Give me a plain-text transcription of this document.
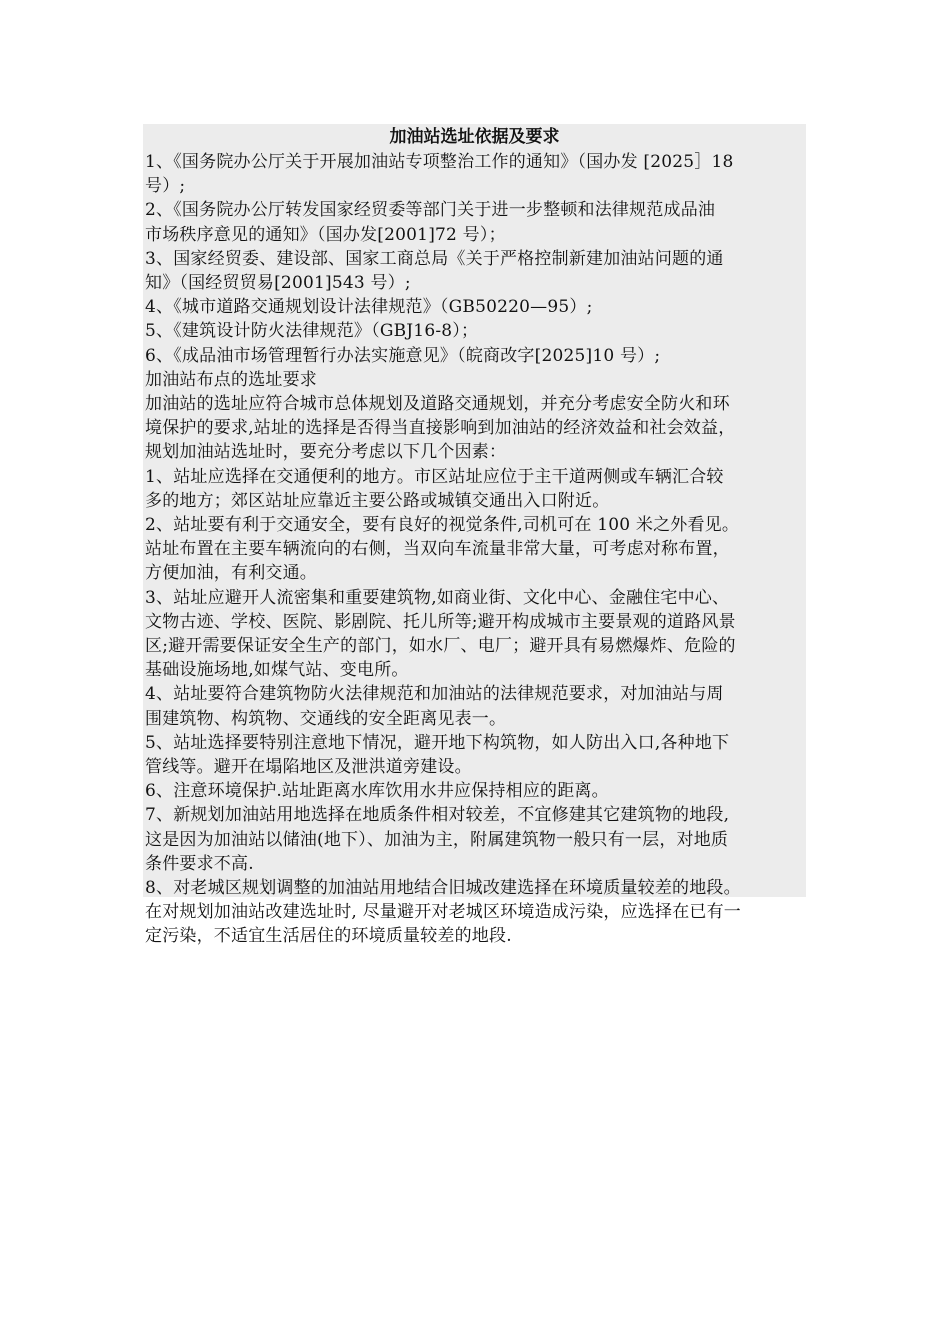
加油站选址依据及要求
1、《国务院办公厅关于开展加油站专项整治工作的通知》（国办发 [2025］18
号）;
2、《国务院办公厅转发国家经贸委等部门关于进一步整顿和法律规范成品油
市场秩序意见的通知》（国办发[2001]72 号）；
3、国家经贸委、建设部、国家工商总局《关于严格控制新建加油站问题的通
知》（国经贸贸易[2001]543 号）;
4、《城市道路交通规划设计法律规范》（GB50220—95）;
5、《建筑设计防火法律规范》（GBJ16-8）；
6、《成品油市场管理暂行办法实施意见》（皖商改字[2025]10 号）;
加油站布点的选址要求
加油站的选址应符合城市总体规划及道路交通规划，并充分考虑安全防火和环
境保护的要求,站址的选择是否得当直接影响到加油站的经济效益和社会效益，
规划加油站选址时，要充分考虑以下几个因素：
1、站址应选择在交通便利的地方。市区站址应位于主干道两侧或车辆汇合较
多的地方；郊区站址应靠近主要公路或城镇交通出入口附近。
2、站址要有利于交通安全，要有良好的视觉条件,司机可在 100 米之外看见。
站址布置在主要车辆流向的右侧，当双向车流量非常大量，可考虑对称布置，
方便加油，有利交通。
3、站址应避开人流密集和重要建筑物,如商业街、文化中心、金融住宅中心、
文物古迹、学校、医院、影剧院、托儿所等;避开构成城市主要景观的道路风景
区;避开需要保证安全生产的部门，如水厂、电厂；避开具有易燃爆炸、危险的
基础设施场地,如煤气站、变电所。
4、站址要符合建筑物防火法律规范和加油站的法律规范要求，对加油站与周
围建筑物、构筑物、交通线的安全距离见表一。
5、站址选择要特别注意地下情况，避开地下构筑物，如人防出入口,各种地下
管线等。避开在塌陷地区及泄洪道旁建设。
6、注意环境保护.站址距离水库饮用水井应保持相应的距离。
7、新规划加油站用地选择在地质条件相对较差，不宜修建其它建筑物的地段,
这是因为加油站以储油(地下）、加油为主，附属建筑物一般只有一层，对地质
条件要求不高.
8、对老城区规划调整的加油站用地结合旧城改建选择在环境质量较差的地段。
在对规划加油站改建选址时, 尽量避开对老城区环境造成污染，应选择在已有一
定污染，不适宜生活居住的环境质量较差的地段.
